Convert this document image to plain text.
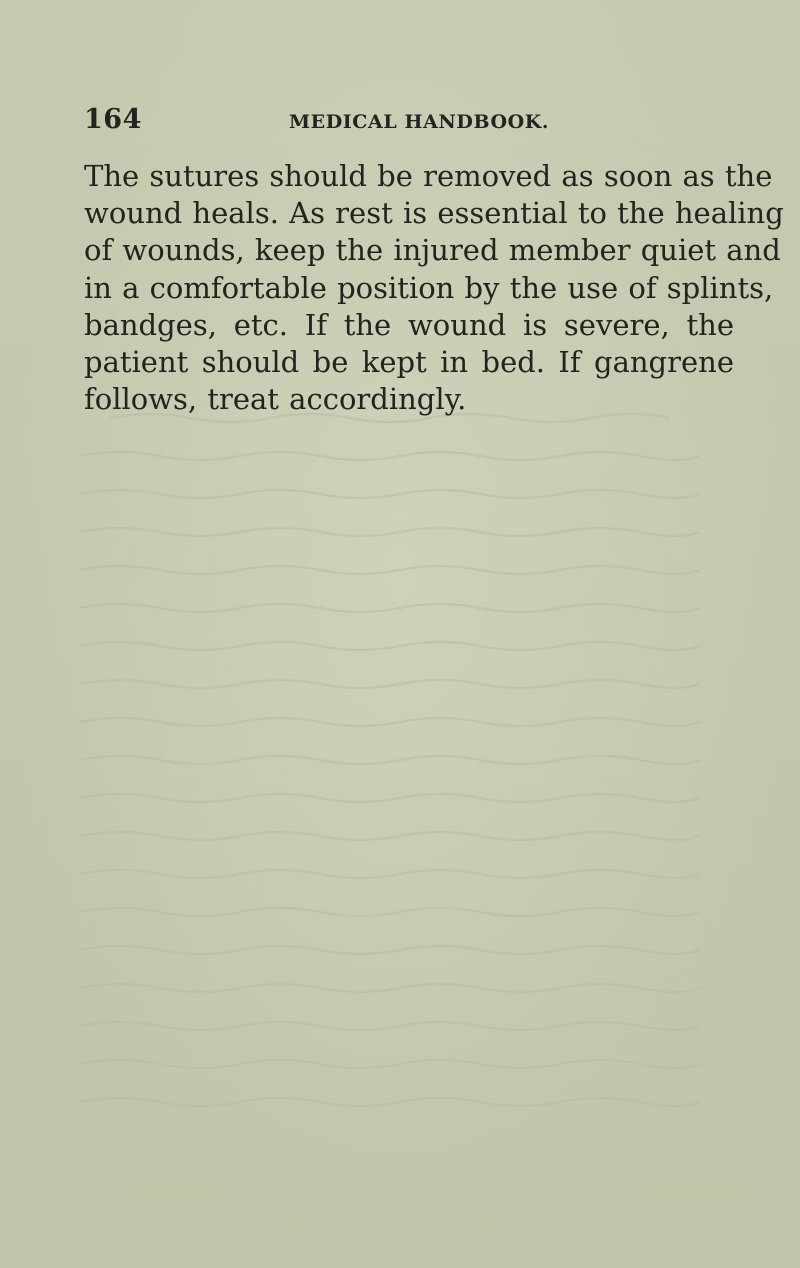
164	MEDICAL HANDBOOK.
The sutures should be removed as soon as the
wound heals. As rest is essential to the healing
of wounds, keep the injured member quiet and
in a comfortable position by the use of splints,
bandges, etc. If the wound is severe, the
patient should be kept in bed. If gangrene
follows, treat accordingly.
